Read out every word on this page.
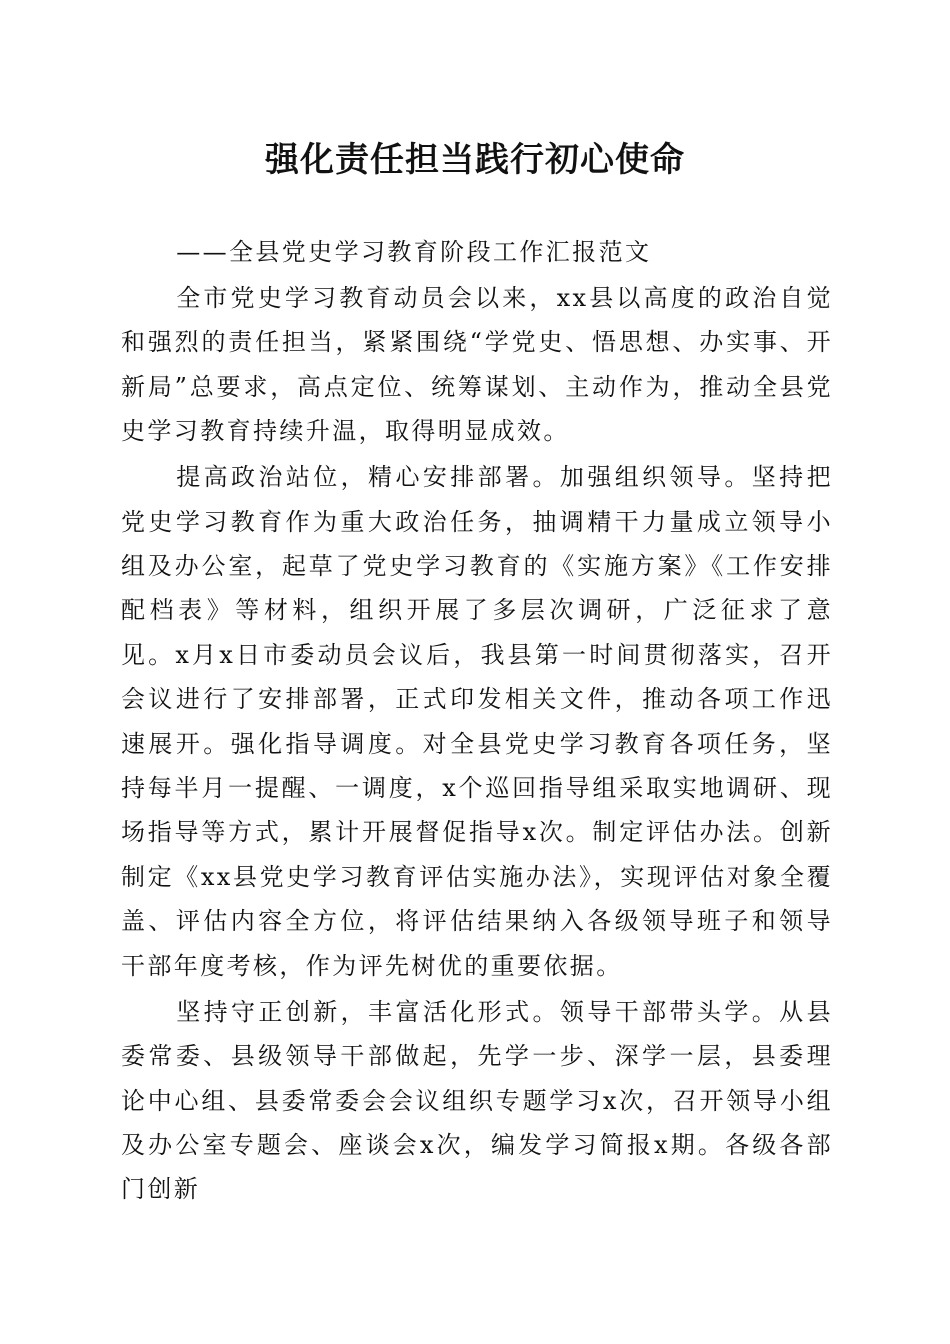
强化责任担当践行初心使命

——全县党史学习教育阶段工作汇报范文

全市党史学习教育动员会以来，xx县以高度的政治自觉和强烈的责任担当，紧紧围绕“学党史、悟思想、办实事、开新局”总要求，高点定位、统筹谋划、主动作为，推动全县党史学习教育持续升温，取得明显成效。

提高政治站位，精心安排部署。加强组织领导。坚持把党史学习教育作为重大政治任务，抽调精干力量成立领导小组及办公室，起草了党史学习教育的《实施方案》《工作安排配档表》等材料，组织开展了多层次调研，广泛征求了意见。x月x日市委动员会议后，我县第一时间贯彻落实，召开会议进行了安排部署，正式印发相关文件，推动各项工作迅速展开。强化指导调度。对全县党史学习教育各项任务，坚持每半月一提醒、一调度，x个巡回指导组采取实地调研、现场指导等方式，累计开展督促指导x次。制定评估办法。创新制定《xx县党史学习教育评估实施办法》，实现评估对象全覆盖、评估内容全方位，将评估结果纳入各级领导班子和领导干部年度考核，作为评先树优的重要依据。

坚持守正创新，丰富活化形式。领导干部带头学。从县委常委、县级领导干部做起，先学一步、深学一层，县委理论中心组、县委常委会会议组织专题学习x次，召开领导小组及办公室专题会、座谈会x次，编发学习简报x期。各级各部门创新
